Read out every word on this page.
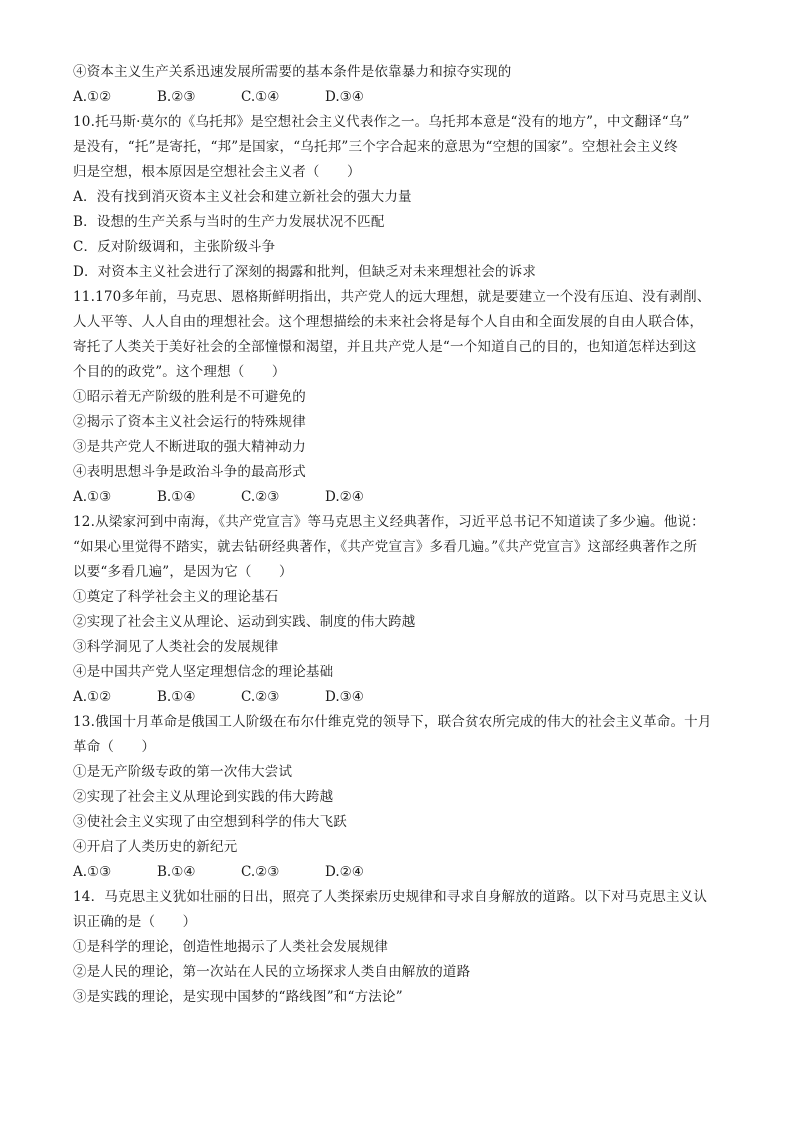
④资本主义生产关系迅速发展所需要的基本条件是依靠暴力和掠夺实现的
A.①②	B.②③	C.①④	D.③④
10.托马斯·莫尔的《乌托邦》是空想社会主义代表作之一。乌托邦本意是“没有的地方”，中文翻译“乌”
是没有，“托”是寄托，“邦”是国家，“乌托邦”三个字合起来的意思为“空想的国家”。空想社会主义终
归是空想，根本原因是空想社会主义者（　　）
A．没有找到消灭资本主义社会和建立新社会的强大力量
B．设想的生产关系与当时的生产力发展状况不匹配
C．反对阶级调和，主张阶级斗争
D．对资本主义社会进行了深刻的揭露和批判，但缺乏对未来理想社会的诉求
11.170多年前，马克思、恩格斯鲜明指出，共产党人的远大理想，就是要建立一个没有压迫、没有剥削、
人人平等、人人自由的理想社会。这个理想描绘的未来社会将是每个人自由和全面发展的自由人联合体，
寄托了人类关于美好社会的全部憧憬和渴望，并且共产党人是“一个知道自己的目的，也知道怎样达到这
个目的的政党”。这个理想（　　）
①昭示着无产阶级的胜利是不可避免的
②揭示了资本主义社会运行的特殊规律
③是共产党人不断进取的强大精神动力
④表明思想斗争是政治斗争的最高形式
A.①③	B.①④	C.②③	D.②④
12.从梁家河到中南海，《共产党宣言》等马克思主义经典著作，习近平总书记不知道读了多少遍。他说：
“如果心里觉得不踏实，就去钻研经典著作，《共产党宣言》多看几遍。”《共产党宣言》这部经典著作之所
以要“多看几遍”，是因为它（　　）
①奠定了科学社会主义的理论基石
②实现了社会主义从理论、运动到实践、制度的伟大跨越
③科学洞见了人类社会的发展规律
④是中国共产党人坚定理想信念的理论基础
A.①②	B.①④	C.②③	D.③④
13.俄国十月革命是俄国工人阶级在布尔什维克党的领导下，联合贫农所完成的伟大的社会主义革命。十月
革命（　　）
①是无产阶级专政的第一次伟大尝试
②实现了社会主义从理论到实践的伟大跨越
③使社会主义实现了由空想到科学的伟大飞跃
④开启了人类历史的新纪元
A.①③	B.①④	C.②③	D.②④
14．马克思主义犹如壮丽的日出，照亮了人类探索历史规律和寻求自身解放的道路。以下对马克思主义认
识正确的是（　　）
①是科学的理论，创造性地揭示了人类社会发展规律
②是人民的理论，第一次站在人民的立场探求人类自由解放的道路
③是实践的理论，是实现中国梦的“路线图”和“方法论”
